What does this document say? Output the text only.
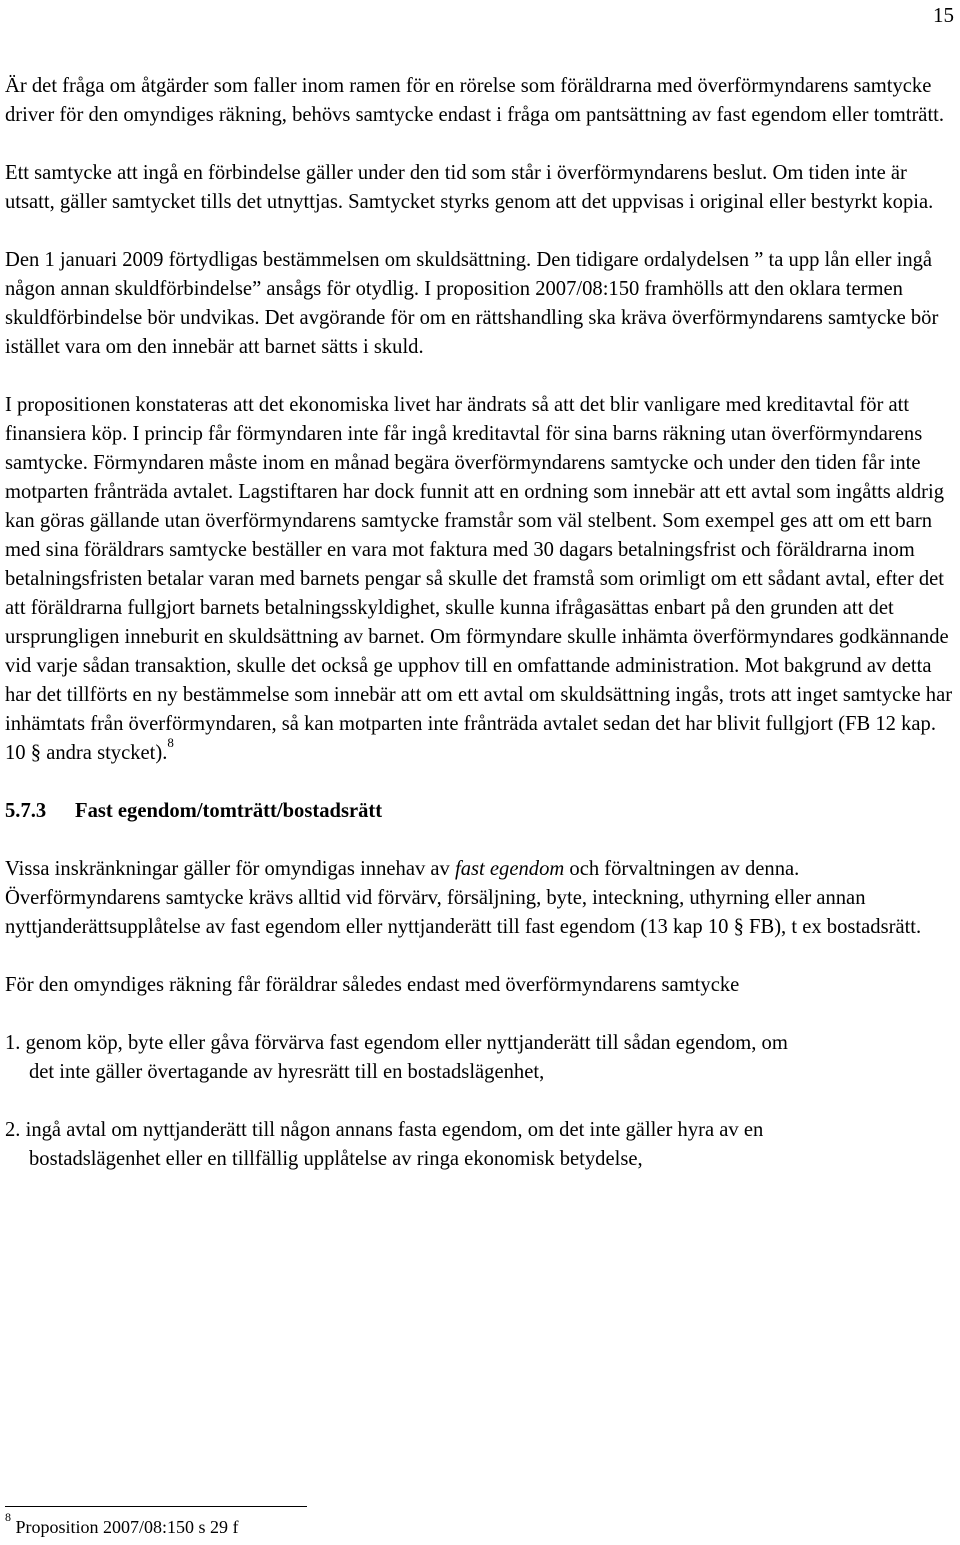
15

Är det fråga om åtgärder som faller inom ramen för en rörelse som föräldrarna med överförmyndarens samtycke driver för den omyndiges räkning, behövs samtycke endast i fråga om pantsättning av fast egendom eller tomträtt.

Ett samtycke att ingå en förbindelse gäller under den tid som står i överförmyndarens beslut. Om tiden inte är utsatt, gäller samtycket tills det utnyttjas. Samtycket styrks genom att det uppvisas i original eller bestyrkt kopia.

Den 1 januari 2009 förtydligas bestämmelsen om skuldsättning. Den tidigare ordalydelsen ” ta upp lån eller ingå någon annan skuldförbindelse” ansågs för otydlig. I proposition 2007/08:150 framhölls att den oklara termen skuldförbindelse bör undvikas. Det avgörande för om en rättshandling ska kräva överförmyndarens samtycke bör istället vara om den innebär att barnet sätts i skuld.

I propositionen konstateras att det ekonomiska livet har ändrats så att det blir vanligare med kreditavtal för att finansiera köp. I princip får förmyndaren inte får ingå kreditavtal för sina barns räkning utan överförmyndarens samtycke. Förmyndaren måste inom en månad begära överförmyndarens samtycke och under den tiden får inte motparten frånträda avtalet. Lagstiftaren har dock funnit att en ordning som innebär att ett avtal som ingåtts aldrig kan göras gällande utan överförmyndarens samtycke framstår som väl stelbent. Som exempel ges att om ett barn med sina föräldrars samtycke beställer en vara mot faktura med 30 dagars betalningsfrist och föräldrarna inom betalningsfristen betalar varan med barnets pengar så skulle det framstå som orimligt om ett sådant avtal, efter det att föräldrarna fullgjort barnets betalningsskyldighet, skulle kunna ifrågasättas enbart på den grunden att det ursprungligen inneburit en skuldsättning av barnet. Om förmyndare skulle inhämta överförmyndares godkännande vid varje sådan transaktion, skulle det också ge upphov till en omfattande administration. Mot bakgrund av detta har det tillförts en ny bestämmelse som innebär att om ett avtal om skuldsättning ingås, trots att inget samtycke har inhämtats från överförmyndaren, så kan motparten inte frånträda avtalet sedan det har blivit fullgjort (FB 12 kap. 10 § andra stycket).$^8$

5.7.3 Fast egendom/tomträtt/bostadsrätt

Vissa inskränkningar gäller för omyndigas innehav av fast egendom och förvaltningen av denna. Överförmyndarens samtycke krävs alltid vid förvärv, försäljning, byte, inteckning, uthyrning eller annan nyttjanderättsupplåtelse av fast egendom eller nyttjanderätt till fast egendom (13 kap 10 § FB), t ex bostadsrätt.

För den omyndiges räkning får föräldrar således endast med överförmyndarens samtycke

1. genom köp, byte eller gåva förvärva fast egendom eller nyttjanderätt till sådan egendom, om

det inte gäller övertagande av hyresrätt till en bostadslägenhet,

2. ingå avtal om nyttjanderätt till någon annans fasta egendom, om det inte gäller hyra av en

bostadslägenhet eller en tillfällig upplåtelse av ringa ekonomisk betydelse,

$^8$ Proposition 2007/08:150 s 29 f
